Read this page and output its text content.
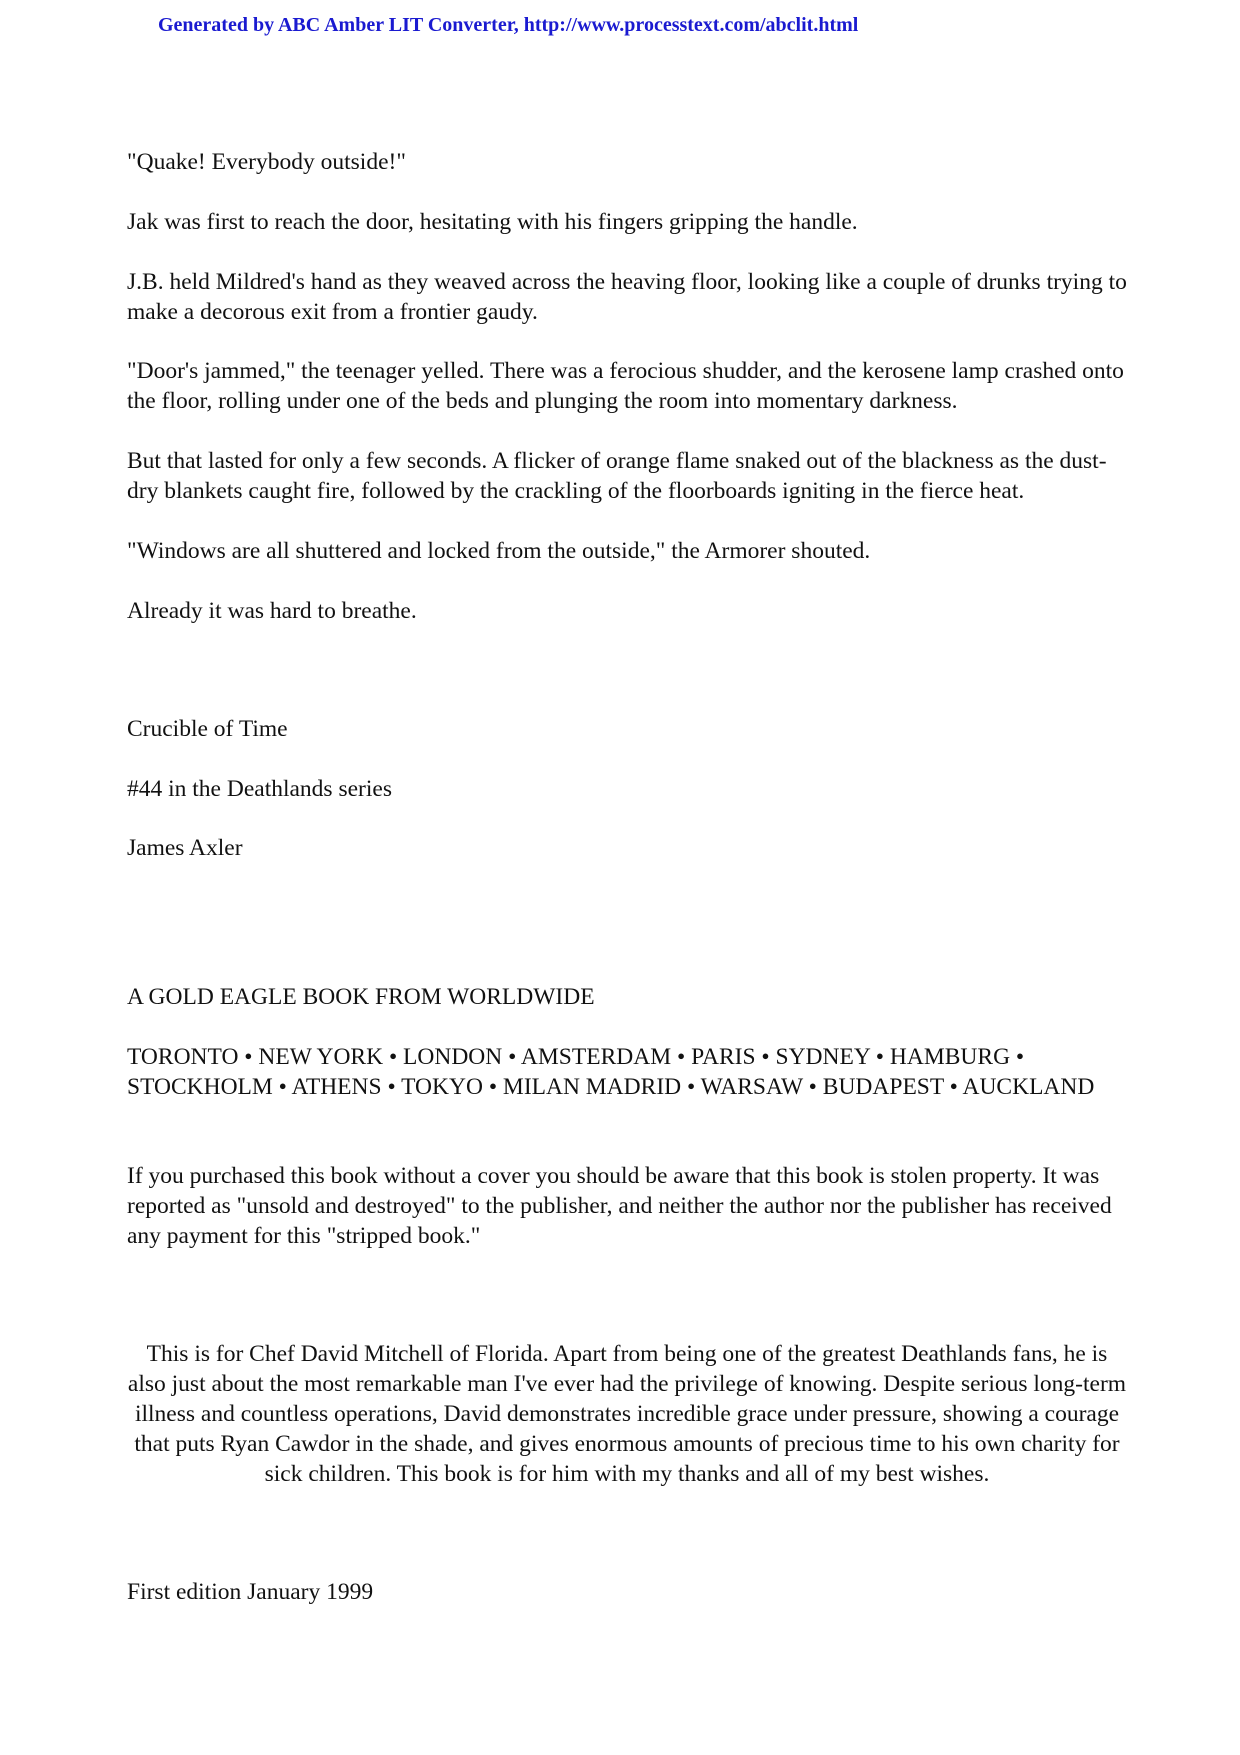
Generated by ABC Amber LIT Converter, http://www.processtext.com/abclit.html

"Quake! Everybody outside!"

Jak was first to reach the door, hesitating with his fingers gripping the handle.

J.B. held Mildred's hand as they weaved across the heaving floor, looking like a couple of drunks trying to make a decorous exit from a frontier gaudy.

"Door's jammed," the teenager yelled. There was a ferocious shudder, and the kerosene lamp crashed onto the floor, rolling under one of the beds and plunging the room into momentary darkness.

But that lasted for only a few seconds. A flicker of orange flame snaked out of the blackness as the dust-dry blankets caught fire, followed by the crackling of the floorboards igniting in the fierce heat.

"Windows are all shuttered and locked from the outside," the Armorer shouted.

Already it was hard to breathe.

Crucible of Time

#44 in the Deathlands series

James Axler

A GOLD EAGLE BOOK FROM WORLDWIDE

TORONTO • NEW YORK • LONDON • AMSTERDAM • PARIS • SYDNEY • HAMBURG • STOCKHOLM • ATHENS • TOKYO • MILAN MADRID • WARSAW • BUDAPEST • AUCKLAND

If you purchased this book without a cover you should be aware that this book is stolen property. It was reported as "unsold and destroyed" to the publisher, and neither the author nor the publisher has received any payment for this "stripped book."

This is for Chef David Mitchell of Florida. Apart from being one of the greatest Deathlands fans, he is also just about the most remarkable man I've ever had the privilege of knowing. Despite serious long-term illness and countless operations, David demonstrates incredible grace under pressure, showing a courage that puts Ryan Cawdor in the shade, and gives enormous amounts of precious time to his own charity for sick children. This book is for him with my thanks and all of my best wishes.

First edition January 1999
